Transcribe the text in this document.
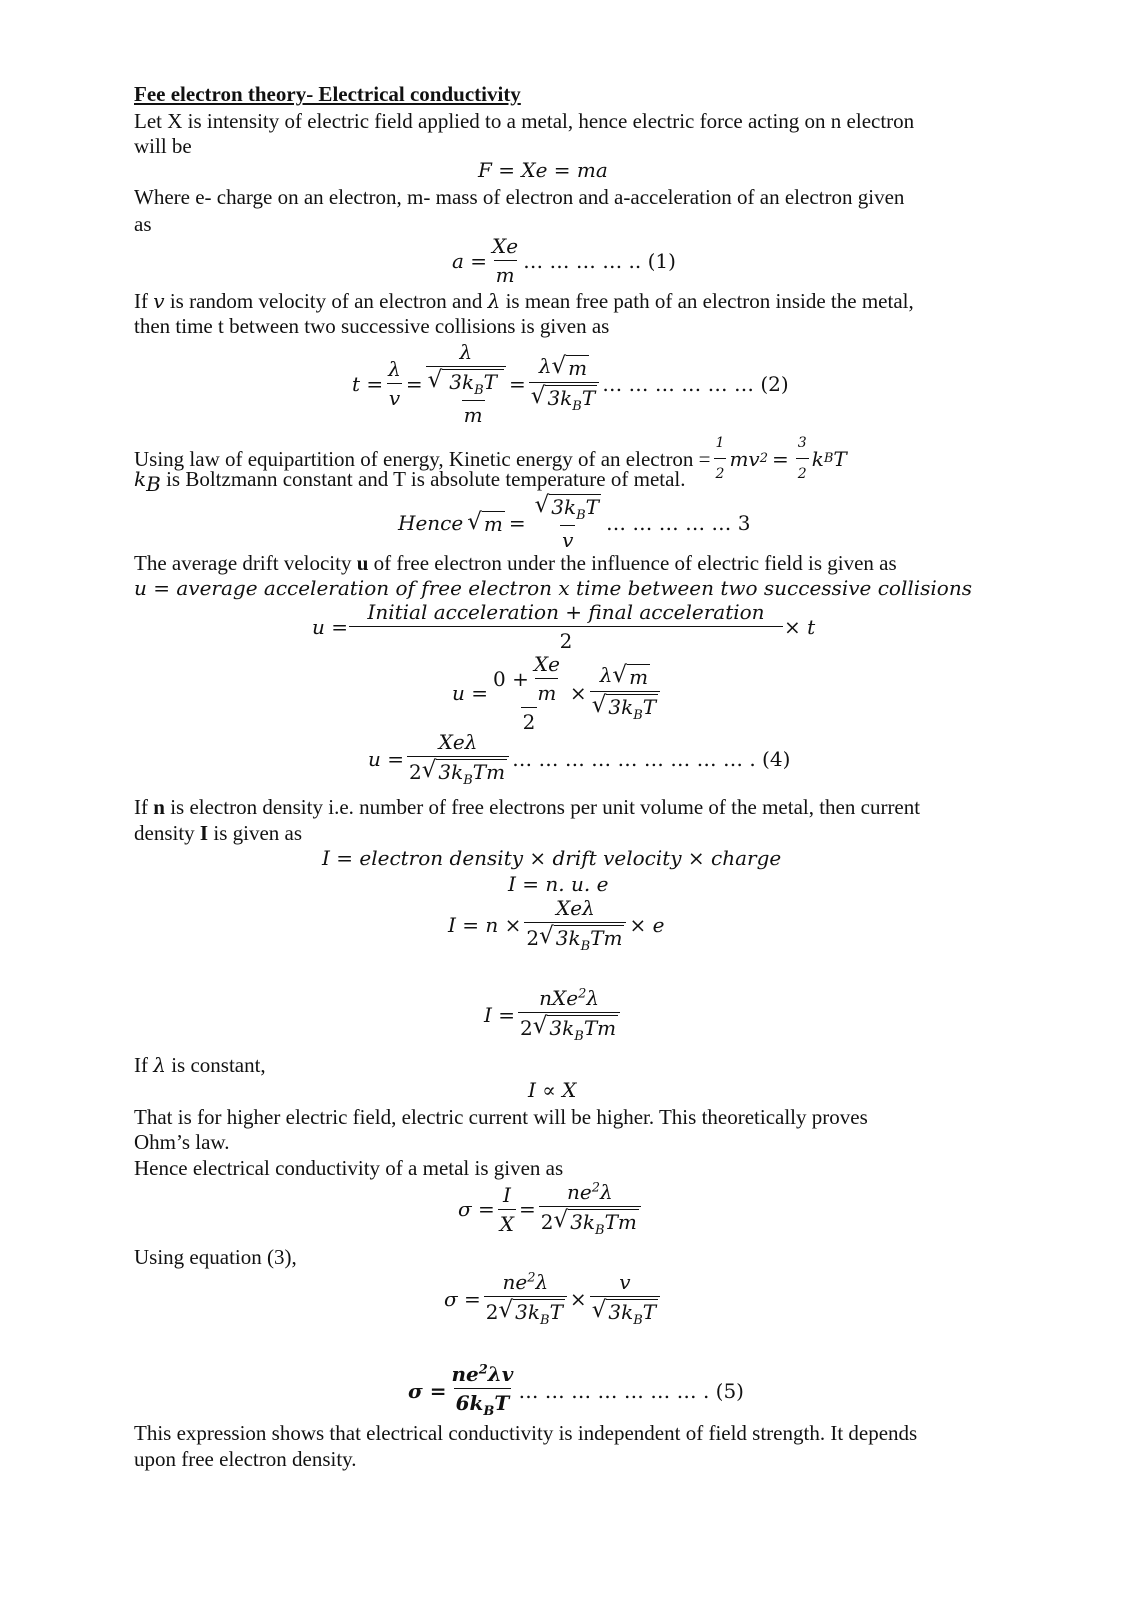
Fee electron theory- Electrical conductivity
Let X is intensity of electric field applied to a metal, hence electric force acting on n electron
will be
F = Xe = ma
Where e- charge on an electron, m- mass of electron and a-acceleration of an electron given
as
$a = \frac{Xe}{m}$ … … … … .. (1)
If v is random velocity of an electron and λ is mean free path of an electron inside the metal,
then time t between two successive collisions is given as
$t = \frac{\lambda}{v} = \frac{\lambda}{√ \frac{3k_BT}{m}} = \frac{\lambda √ m}{√ 3k_BT}$ … … … … … … (2)
Using law of equipartition of energy, Kinetic energy of an electron = $\frac{1}{2}$ mv $2 = \frac{3}{2}$ k B T
$k_B$ is Boltzmann constant and T is absolute temperature of metal.
Hence √ $m = \frac{√ 3k_BT}{v}$ … … … … … 3
The average drift velocity u of free electron under the influence of electric field is given as
u = average acceleration of free electron x time between two successive collisions
$u = \frac{\text{Initial acceleration + final acceleration}}{2} \times t$
$u = \frac{0 + \frac{Xe}{m}}{2} \times \frac{\lambda √ m}{√ 3k_BT}$
$u = \frac{\text{Xeλ}}{2 √ 3k_BTm}$ … … … … … … … … … . (4)
If n is electron density i.e. number of free electrons per unit volume of the metal, then current
density I is given as
I = electron density × drift velocity × charge
I = n. u. e
$I = n \times \frac{\text{Xeλ}}{2 √ 3k_BTm} \times e$
$I = \frac{nXe^2\lambda}{2 √ 3k_BTm}$
If λ is constant,
I ∝ X
That is for higher electric field, electric current will be higher. This theoretically proves
Ohm’s law.
Hence electrical conductivity of a metal is given as
$\sigma = \frac{I}{X} = \frac{ne^2\lambda}{2 √ 3k_BTm}$
Using equation (3),
$\sigma = \frac{ne^2\lambda}{2 √ 3k_BT} \times \frac{v}{√ 3k_BT}$
$\sigma = \frac{ne^2\lambda v}{6k_BT}$ … … … … … … … . (5)
This expression shows that electrical conductivity is independent of field strength. It depends
upon free electron density.
